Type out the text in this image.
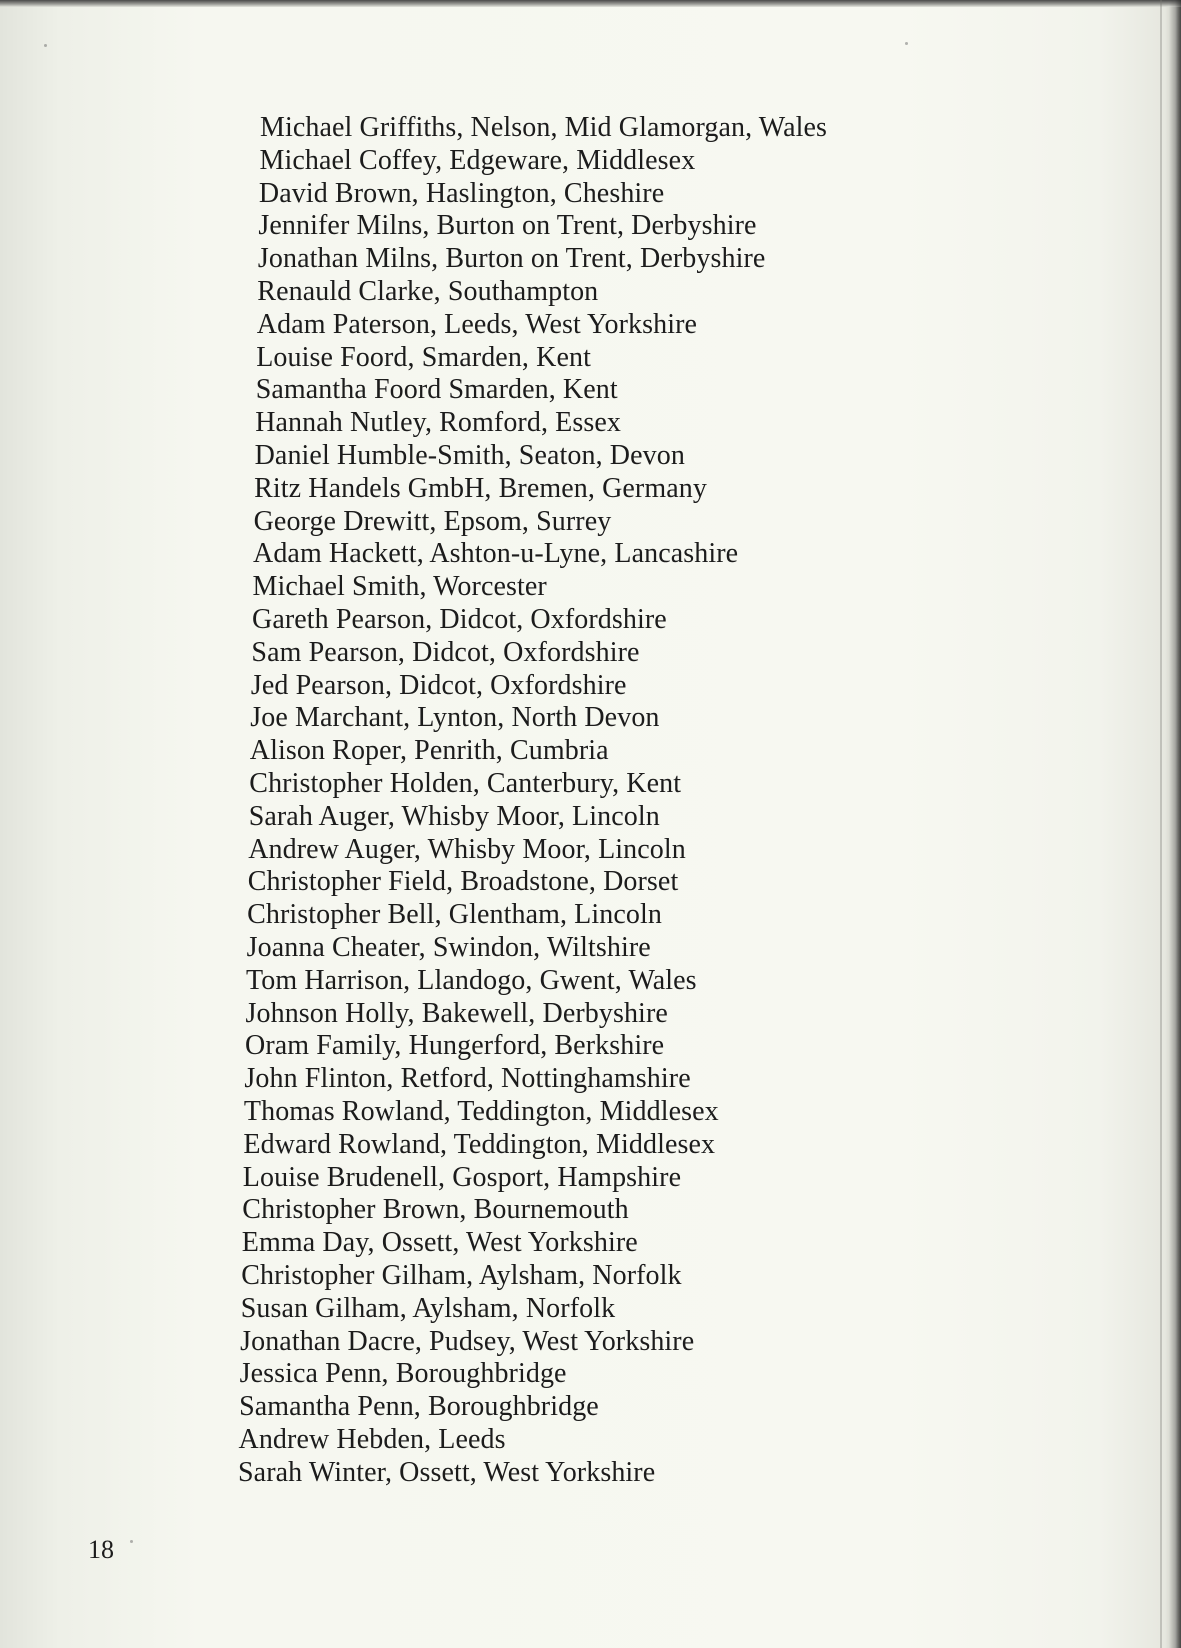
Michael Griffiths, Nelson, Mid Glamorgan, Wales
Michael Coffey, Edgeware, Middlesex
David Brown, Haslington, Cheshire
Jennifer Milns, Burton on Trent, Derbyshire
Jonathan Milns, Burton on Trent, Derbyshire
Renauld Clarke, Southampton
Adam Paterson, Leeds, West Yorkshire
Louise Foord, Smarden, Kent
Samantha Foord Smarden, Kent
Hannah Nutley, Romford, Essex
Daniel Humble-Smith, Seaton, Devon
Ritz Handels GmbH, Bremen, Germany
George Drewitt, Epsom, Surrey
Adam Hackett, Ashton-u-Lyne, Lancashire
Michael Smith, Worcester
Gareth Pearson, Didcot, Oxfordshire
Sam Pearson, Didcot, Oxfordshire
Jed Pearson, Didcot, Oxfordshire
Joe Marchant, Lynton, North Devon
Alison Roper, Penrith, Cumbria
Christopher Holden, Canterbury, Kent
Sarah Auger, Whisby Moor, Lincoln
Andrew Auger, Whisby Moor, Lincoln
Christopher Field, Broadstone, Dorset
Christopher Bell, Glentham, Lincoln
Joanna Cheater, Swindon, Wiltshire
Tom Harrison, Llandogo, Gwent, Wales
Johnson Holly, Bakewell, Derbyshire
Oram Family, Hungerford, Berkshire
John Flinton, Retford, Nottinghamshire
Thomas Rowland, Teddington, Middlesex
Edward Rowland, Teddington, Middlesex
Louise Brudenell, Gosport, Hampshire
Christopher Brown, Bournemouth
Emma Day, Ossett, West Yorkshire
Christopher Gilham, Aylsham, Norfolk
Susan Gilham, Aylsham, Norfolk
Jonathan Dacre, Pudsey, West Yorkshire
Jessica Penn, Boroughbridge
Samantha Penn, Boroughbridge
Andrew Hebden, Leeds
Sarah Winter, Ossett, West Yorkshire
18
